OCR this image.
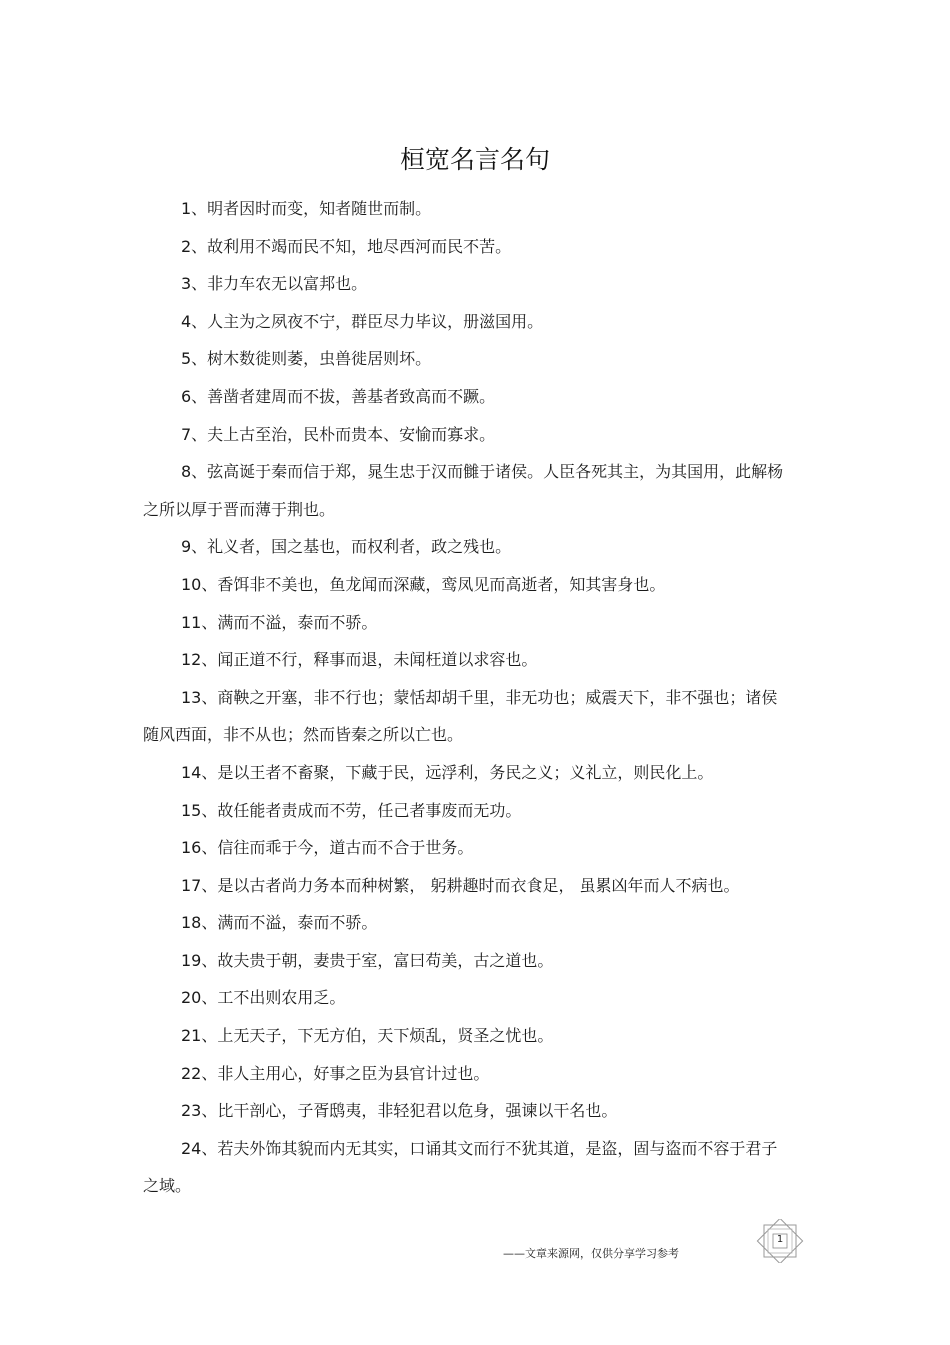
桓宽名言名句

1、明者因时而变，知者随世而制。

2、故利用不竭而民不知，地尽西河而民不苦。

3、非力车农无以富邦也。

4、人主为之夙夜不宁，群臣尽力毕议，册滋国用。

5、树木数徙则萎，虫兽徙居则坏。

6、善凿者建周而不拔，善基者致高而不蹶。

7、夫上古至治，民朴而贵本、安愉而寡求。

8、弦高诞于秦而信于郑，晁生忠于汉而雠于诸侯。人臣各死其主，为其国用，此解杨之所以厚于晋而薄于荆也。

9、礼义者，国之基也，而权利者，政之残也。

10、香饵非不美也，鱼龙闻而深藏，鸾凤见而高逝者，知其害身也。

11、满而不溢，泰而不骄。

12、闻正道不行，释事而退，未闻枉道以求容也。

13、商鞅之开塞，非不行也；蒙恬却胡千里，非无功也；威震天下，非不强也；诸侯随风西面，非不从也；然而皆秦之所以亡也。

14、是以王者不畜聚，下藏于民，远浮利，务民之义；义礼立，则民化上。

15、故任能者责成而不劳，任己者事废而无功。

16、信往而乖于今，道古而不合于世务。

17、是以古者尚力务本而种树繁， 躬耕趣时而衣食足， 虽累凶年而人不病也。

18、满而不溢，泰而不骄。

19、故夫贵于朝，妻贵于室，富曰苟美，古之道也。

20、工不出则农用乏。

21、上无天子，下无方伯，天下烦乱，贤圣之忧也。

22、非人主用心，好事之臣为县官计过也。

23、比干剖心，子胥鸱夷，非轻犯君以危身，强谏以干名也。

24、若夫外饰其貌而内无其实，口诵其文而行不犹其道，是盗，固与盗而不容于君子之域。

——文章来源网，仅供分享学习参考
1
